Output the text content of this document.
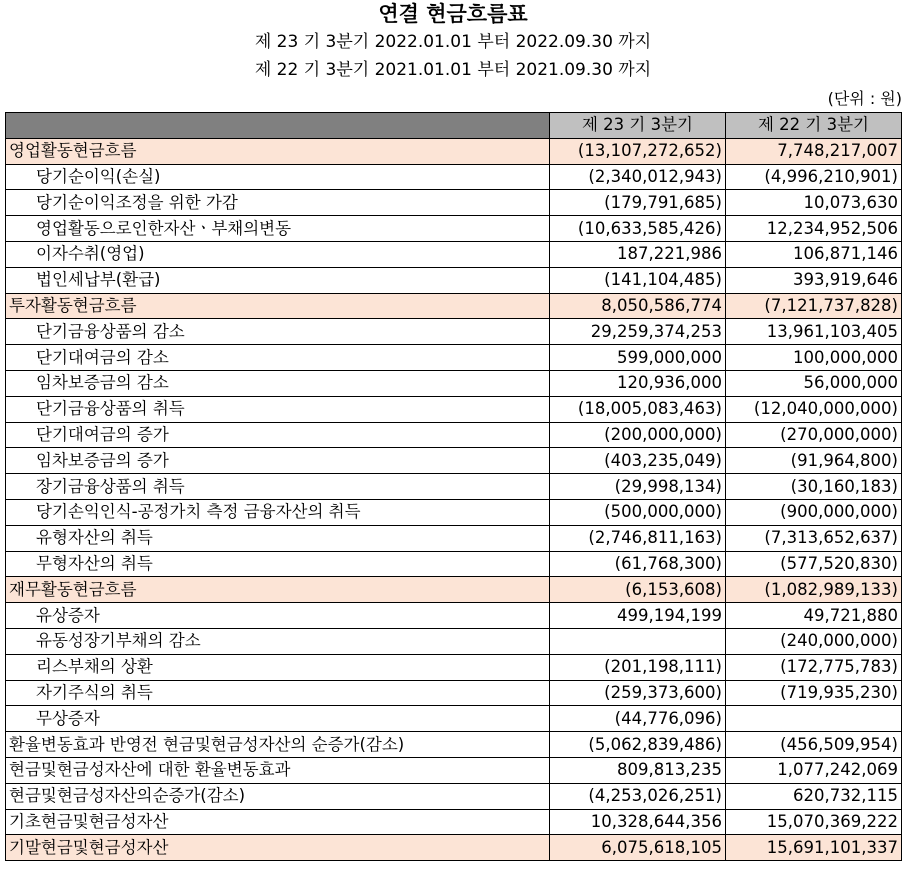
연결 현금흐름표
제 23 기 3분기 2022.01.01 부터 2022.09.30 까지
제 22 기 3분기 2021.01.01 부터 2021.09.30 까지
(단위 : 원)
	제 23 기 3분기	제 22 기 3분기
영업활동현금흐름	(13,107,272,652)	7,748,217,007
당기순이익(손실)	(2,340,012,943)	(4,996,210,901)
당기순이익조정을 위한 가감	(179,791,685)	10,073,630
영업활동으로인한자산ㆍ부채의변동	(10,633,585,426)	12,234,952,506
이자수취(영업)	187,221,986	106,871,146
법인세납부(환급)	(141,104,485)	393,919,646
투자활동현금흐름	8,050,586,774	(7,121,737,828)
단기금융상품의 감소	29,259,374,253	13,961,103,405
단기대여금의 감소	599,000,000	100,000,000
임차보증금의 감소	120,936,000	56,000,000
단기금융상품의 취득	(18,005,083,463)	(12,040,000,000)
단기대여금의 증가	(200,000,000)	(270,000,000)
임차보증금의 증가	(403,235,049)	(91,964,800)
장기금융상품의 취득	(29,998,134)	(30,160,183)
당기손익인식-공정가치 측정 금융자산의 취득	(500,000,000)	(900,000,000)
유형자산의 취득	(2,746,811,163)	(7,313,652,637)
무형자산의 취득	(61,768,300)	(577,520,830)
재무활동현금흐름	(6,153,608)	(1,082,989,133)
유상증자	499,194,199	49,721,880
유동성장기부채의 감소		(240,000,000)
리스부채의 상환	(201,198,111)	(172,775,783)
자기주식의 취득	(259,373,600)	(719,935,230)
무상증자	(44,776,096)	
환율변동효과 반영전 현금및현금성자산의 순증가(감소)	(5,062,839,486)	(456,509,954)
현금및현금성자산에 대한 환율변동효과	809,813,235	1,077,242,069
현금및현금성자산의순증가(감소)	(4,253,026,251)	620,732,115
기초현금및현금성자산	10,328,644,356	15,070,369,222
기말현금및현금성자산	6,075,618,105	15,691,101,337
